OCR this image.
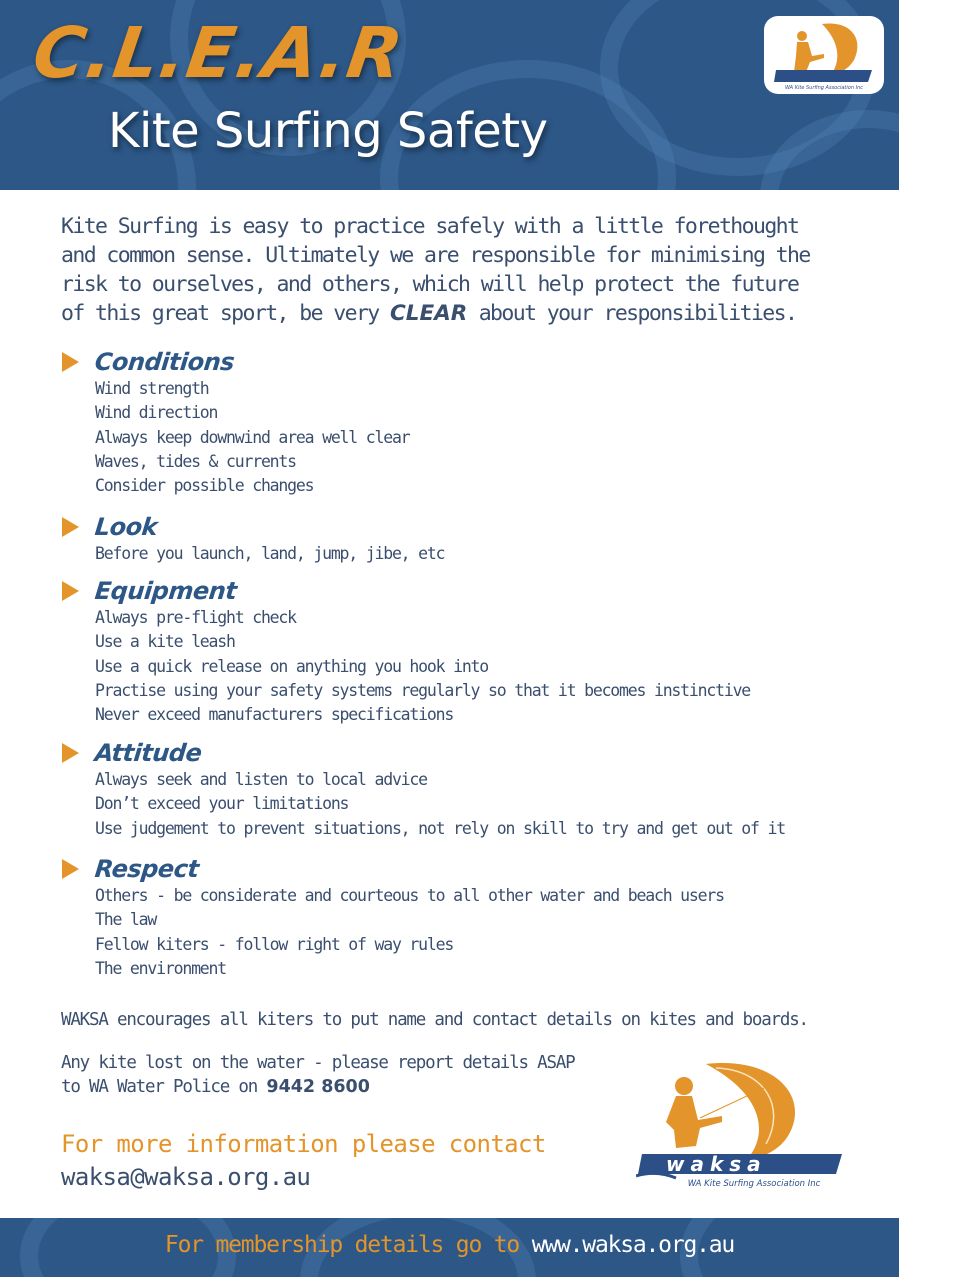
C.L.E.A.R
Kite Surfing Safety
WA Kite Surfing Association Inc
Kite Surfing is easy to practice safely with a little forethought and common sense. Ultimately we are responsible for minimising the risk to ourselves, and others, which will help protect the future of this great sport, be very CLEAR about your responsibilities.
Conditions
Wind strength
Wind direction
Always keep downwind area well clear
Waves, tides & currents
Consider possible changes
Look
Before you launch, land, jump, jibe, etc
Equipment
Always pre-flight check
Use a kite leash
Use a quick release on anything you hook into
Practise using your safety systems regularly so that it becomes instinctive
Never exceed manufacturers specifications
Attitude
Always seek and listen to local advice
Don’t exceed your limitations
Use judgement to prevent situations, not rely on skill to try and get out of it
Respect
Others - be considerate and courteous to all other water and beach users
The law
Fellow kiters - follow right of way rules
The environment
WAKSA encourages all kiters to put name and contact details on kites and boards.
Any kite lost on the water - please report details ASAP
to WA Water Police on 9442 8600
For more information please contact
waksa@waksa.org.au	waksa
WA Kite Surfing Association Inc
For membership details go to www.waksa.org.au
